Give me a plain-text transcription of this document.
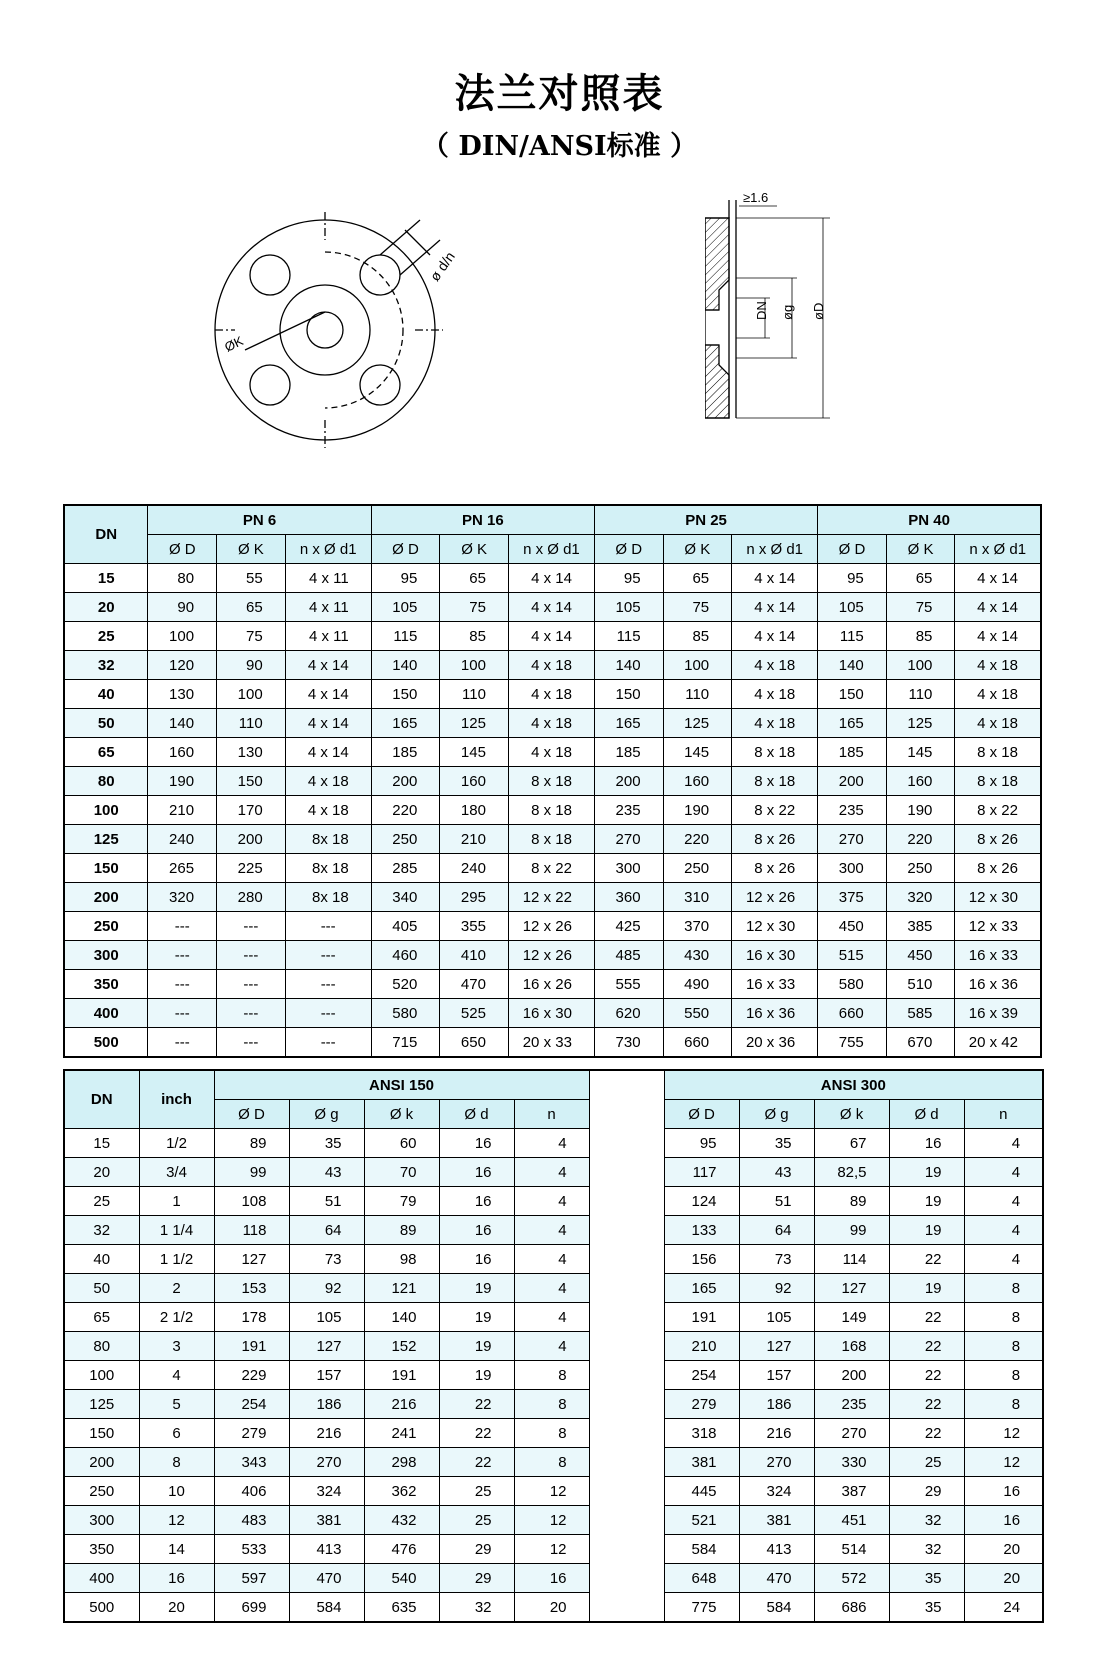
法兰对照表
（ DIN/ANSI标准 ）
ø d/n
ØK
≥1.6
DN øg øD
DN	PN 6			PN 16			PN 25			PN 40		
	Ø D	Ø K	n x Ø d1	Ø D	Ø K	n x Ø d1	Ø D	Ø K	n x Ø d1	Ø D	Ø K	n x Ø d1
15	80	55	4 x 11	95	65	4 x 14	95	65	4 x 14	95	65	4 x 14
20	90	65	4 x 11	105	75	4 x 14	105	75	4 x 14	105	75	4 x 14
25	100	75	4 x 11	115	85	4 x 14	115	85	4 x 14	115	85	4 x 14
32	120	90	4 x 14	140	100	4 x 18	140	100	4 x 18	140	100	4 x 18
40	130	100	4 x 14	150	110	4 x 18	150	110	4 x 18	150	110	4 x 18
50	140	110	4 x 14	165	125	4 x 18	165	125	4 x 18	165	125	4 x 18
65	160	130	4 x 14	185	145	4 x 18	185	145	8 x 18	185	145	8 x 18
80	190	150	4 x 18	200	160	8 x 18	200	160	8 x 18	200	160	8 x 18
100	210	170	4 x 18	220	180	8 x 18	235	190	8 x 22	235	190	8 x 22
125	240	200	8x 18	250	210	8 x 18	270	220	8 x 26	270	220	8 x 26
150	265	225	8x 18	285	240	8 x 22	300	250	8 x 26	300	250	8 x 26
200	320	280	8x 18	340	295	12 x 22	360	310	12 x 26	375	320	12 x 30
250	---	---	---	405	355	12 x 26	425	370	12 x 30	450	385	12 x 33
300	---	---	---	460	410	12 x 26	485	430	16 x 30	515	450	16 x 33
350	---	---	---	520	470	16 x 26	555	490	16 x 33	580	510	16 x 36
400	---	---	---	580	525	16 x 30	620	550	16 x 36	660	585	16 x 39
500	---	---	---	715	650	20 x 33	730	660	20 x 36	755	670	20 x 42
DN	inch	ANSI 150						ANSI 300				
		Ø D	Ø g	Ø k	Ø d	n		Ø D	Ø g	Ø k	Ø d	n
15	1/2	89	35	60	16	4		95	35	67	16	4
20	3/4	99	43	70	16	4		117	43	82,5	19	4
25	1	108	51	79	16	4		124	51	89	19	4
32	1 1/4	118	64	89	16	4		133	64	99	19	4
40	1 1/2	127	73	98	16	4		156	73	114	22	4
50	2	153	92	121	19	4		165	92	127	19	8
65	2 1/2	178	105	140	19	4		191	105	149	22	8
80	3	191	127	152	19	4		210	127	168	22	8
100	4	229	157	191	19	8		254	157	200	22	8
125	5	254	186	216	22	8		279	186	235	22	8
150	6	279	216	241	22	8		318	216	270	22	12
200	8	343	270	298	22	8		381	270	330	25	12
250	10	406	324	362	25	12		445	324	387	29	16
300	12	483	381	432	25	12		521	381	451	32	16
350	14	533	413	476	29	12		584	413	514	32	20
400	16	597	470	540	29	16		648	470	572	35	20
500	20	699	584	635	32	20		775	584	686	35	24
